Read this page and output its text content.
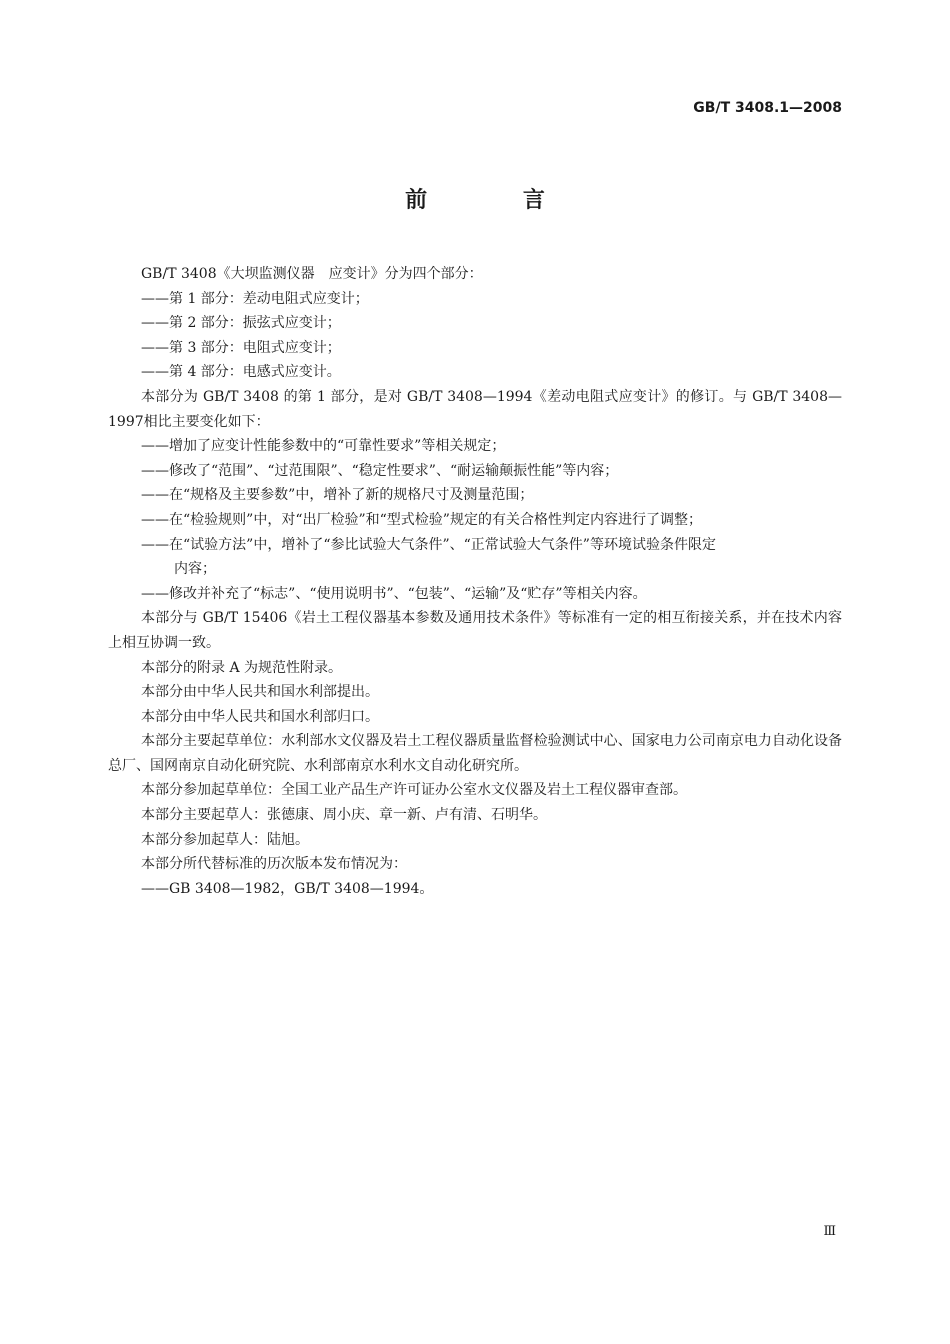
GB/T 3408.1—2008
前 言

GB/T 3408《大坝监测仪器　应变计》分为四个部分：

——第 1 部分：差动电阻式应变计；

——第 2 部分：振弦式应变计；

——第 3 部分：电阻式应变计；

——第 4 部分：电感式应变计。

本部分为 GB/T 3408 的第 1 部分，是对 GB/T 3408—1994《差动电阻式应变计》的修订。与 GB/T 3408—1997相比主要变化如下：

——增加了应变计性能参数中的“可靠性要求”等相关规定；

——修改了“范围”、“过范围限”、“稳定性要求”、“耐运输颠振性能”等内容；

——在“规格及主要参数”中，增补了新的规格尺寸及测量范围；

——在“检验规则”中，对“出厂检验”和“型式检验”规定的有关合格性判定内容进行了调整；

——在“试验方法”中，增补了“参比试验大气条件”、“正常试验大气条件”等环境试验条件限定
内容；

——修改并补充了“标志”、“使用说明书”、“包装”、“运输”及“贮存”等相关内容。

本部分与 GB/T 15406《岩土工程仪器基本参数及通用技术条件》等标准有一定的相互衔接关系，并在技术内容上相互协调一致。

本部分的附录 A 为规范性附录。

本部分由中华人民共和国水利部提出。

本部分由中华人民共和国水利部归口。

本部分主要起草单位：水利部水文仪器及岩土工程仪器质量监督检验测试中心、国家电力公司南京电力自动化设备总厂、国网南京自动化研究院、水利部南京水利水文自动化研究所。

本部分参加起草单位：全国工业产品生产许可证办公室水文仪器及岩土工程仪器审查部。

本部分主要起草人：张德康、周小庆、章一新、卢有清、石明华。

本部分参加起草人：陆旭。

本部分所代替标准的历次版本发布情况为：

——GB 3408—1982，GB/T 3408—1994。

Ⅲ
